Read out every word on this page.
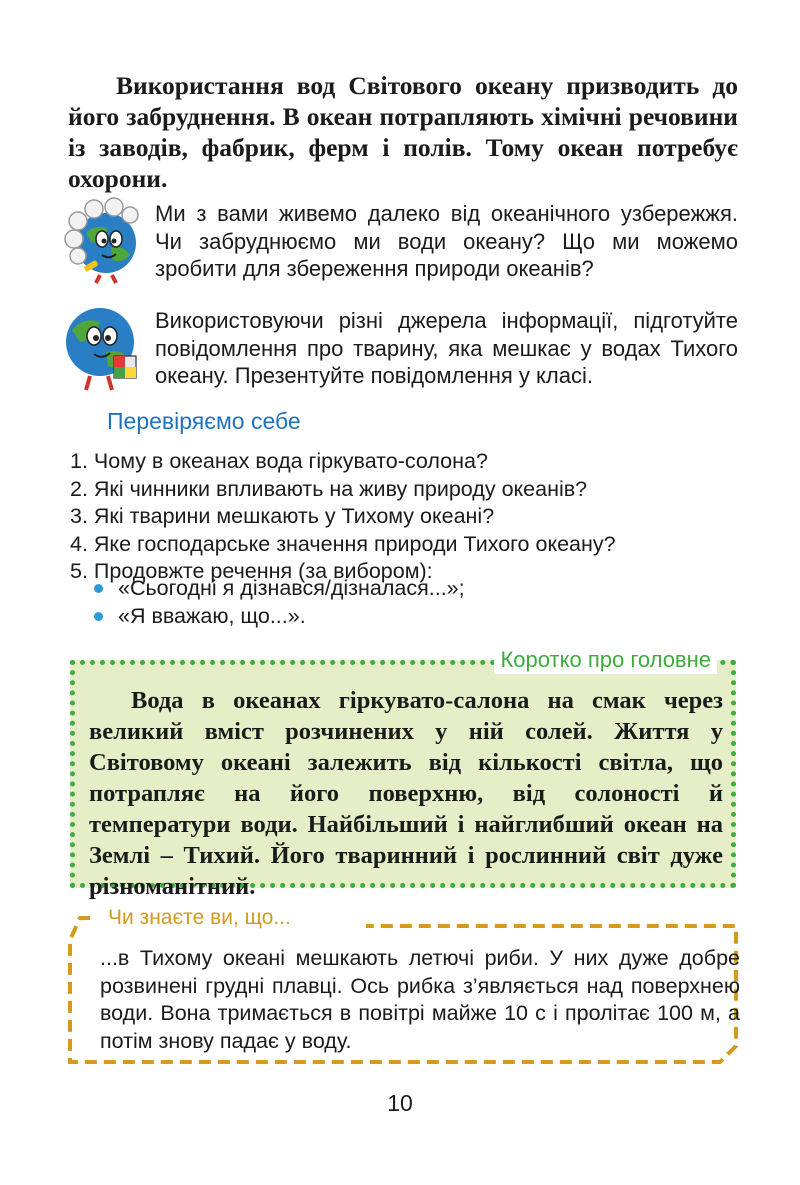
Використання вод Світового океану призводить до його забруднення. В океан потрапляють хімічні речовини із заводів, фабрик, ферм і полів. Тому океан потребує охорони.

Ми з вами живемо далеко від океанічного узбережжя. Чи забруднюємо ми води океану? Що ми можемо зробити для збереження природи океанів?

Використовуючи різні джерела інформації, підготуйте повідомлення про тварину, яка мешкає у водах Тихого океану. Презентуйте повідомлення у класі.

Перевіряємо себе

1. Чому в океанах вода гіркувато-солона?
2. Які чинники впливають на живу природу океанів?
3. Які тварини мешкають у Тихому океані?
4. Яке господарське значення природи Тихого океану?
5. Продовжте речення (за вибором):
«Сьогодні я дізнався/дізналася...»;
«Я вважаю, що...».
Коротко про головне

Вода в океанах гіркувато-салона на смак через великий вміст розчинених у ній солей. Життя у Світовому океані залежить від кількості світла, що потрапляє на його поверхню, від солоності й температури води. Найбільший і найглибший океан на Землі – Тихий. Його тваринний і рослинний світ дуже різноманітний.

Чи знаєте ви, що...

...в Тихому океані мешкають летючі риби. У них дуже добре розвинені грудні плавці. Ось рибка з’являється над поверхнею води. Вона тримається в повітрі майже 10 с і пролітає 100 м, а потім знову падає у воду.

10
